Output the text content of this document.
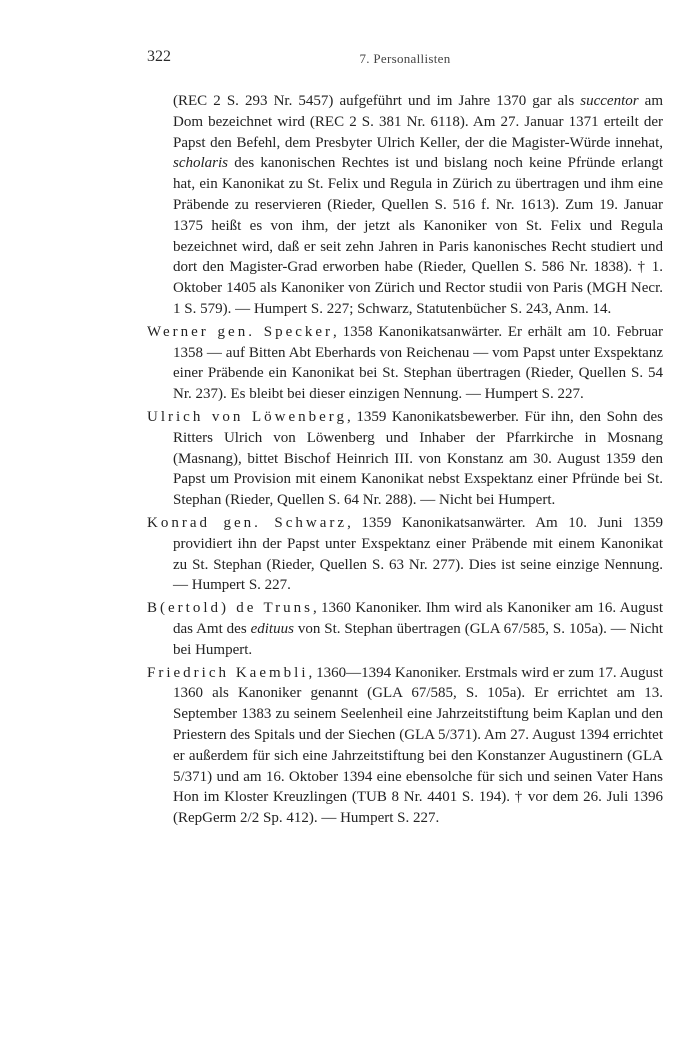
322	7. Personallisten

(REC 2 S. 293 Nr. 5457) aufgeführt und im Jahre 1370 gar als succentor am Dom bezeichnet wird (REC 2 S. 381 Nr. 6118). Am 27. Januar 1371 erteilt der Papst den Befehl, dem Presbyter Ulrich Keller, der die Magister-Würde innehat, scholaris des kanonischen Rechtes ist und bislang noch keine Pfründe erlangt hat, ein Kanonikat zu St. Felix und Regula in Zürich zu übertragen und ihm eine Präbende zu reservieren (Rieder, Quellen S. 516 f. Nr. 1613). Zum 19. Januar 1375 heißt es von ihm, der jetzt als Kanoniker von St. Felix und Regula bezeichnet wird, daß er seit zehn Jahren in Paris kanonisches Recht studiert und dort den Magister-Grad erworben habe (Rieder, Quellen S. 586 Nr. 1838). † 1. Oktober 1405 als Kanoniker von Zürich und Rector studii von Paris (MGH Necr. 1 S. 579). — Humpert S. 227; Schwarz, Statutenbücher S. 243, Anm. 14.

Werner gen. Specker, 1358 Kanonikatsanwärter. Er erhält am 10. Februar 1358 — auf Bitten Abt Eberhards von Reichenau — vom Papst unter Exspektanz einer Präbende ein Kanonikat bei St. Stephan übertragen (Rieder, Quellen S. 54 Nr. 237). Es bleibt bei dieser einzigen Nennung. — Humpert S. 227.

Ulrich von Löwenberg, 1359 Kanonikatsbewerber. Für ihn, den Sohn des Ritters Ulrich von Löwenberg und Inhaber der Pfarrkirche in Mosnang (Masnang), bittet Bischof Heinrich III. von Konstanz am 30. August 1359 den Papst um Provision mit einem Kanonikat nebst Exspektanz einer Pfründe bei St. Stephan (Rieder, Quellen S. 64 Nr. 288). — Nicht bei Humpert.

Konrad gen. Schwarz, 1359 Kanonikatsanwärter. Am 10. Juni 1359 providiert ihn der Papst unter Exspektanz einer Präbende mit einem Kanonikat zu St. Stephan (Rieder, Quellen S. 63 Nr. 277). Dies ist seine einzige Nennung. — Humpert S. 227.

B(ertold) de Truns, 1360 Kanoniker. Ihm wird als Kanoniker am 16. August das Amt des edituus von St. Stephan übertragen (GLA 67/585, S. 105a). — Nicht bei Humpert.

Friedrich Kaembli, 1360—1394 Kanoniker. Erstmals wird er zum 17. August 1360 als Kanoniker genannt (GLA 67/585, S. 105a). Er errichtet am 13. September 1383 zu seinem Seelenheil eine Jahrzeitstiftung beim Kaplan und den Priestern des Spitals und der Siechen (GLA 5/371). Am 27. August 1394 errichtet er außerdem für sich eine Jahrzeitstiftung bei den Konstanzer Augustinern (GLA 5/371) und am 16. Oktober 1394 eine ebensolche für sich und seinen Vater Hans Hon im Kloster Kreuzlingen (TUB 8 Nr. 4401 S. 194). † vor dem 26. Juli 1396 (RepGerm 2/2 Sp. 412). — Humpert S. 227.
